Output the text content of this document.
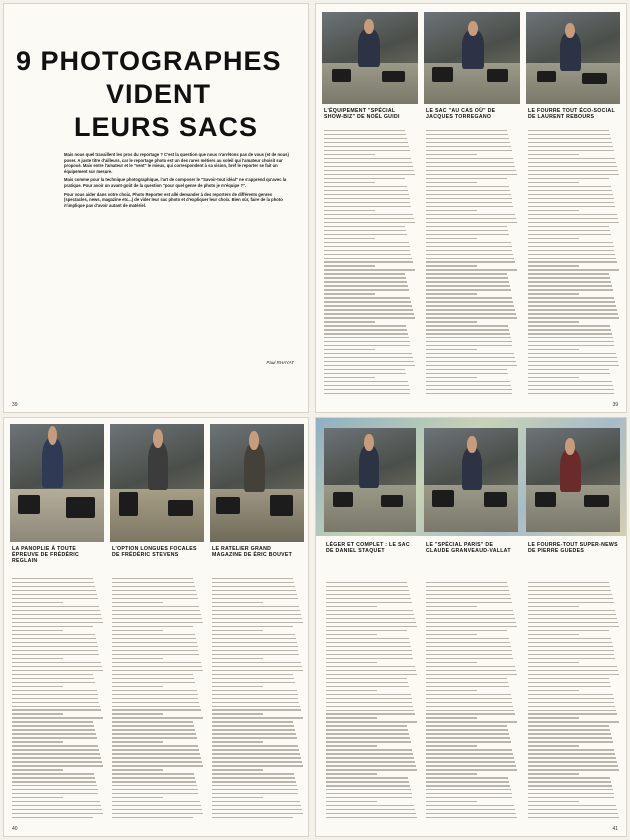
9 PHOTOGRAPHES
VIDENT
LEURS SACS

Mais nous quel travaillent les pros du reportage ? C'est la question que nous n'arrêtons pas de vous (et de nous) poser. A juste titre d'ailleurs, car le reportage photo est un des rares métiers au soleil qui l'amateur choisit sur proposé. Mais entre l'amateur et le "vent" le mieux, qui correspondent à sa vision, bref le reporter se fait un équipement sur mesure.

Mais comme pour la technique photographique, l'art de composer le "Savoir-tout idéal" ne s'apprend qu'avec la pratique. Pour avoir un avant-goût de la question "pour quel genre de photo je m'équipe ?".

Pour vous aider dans votre choix, Photo Reporter est allé demander à des reporters de différents genres (spectacles, news, magazine etc...) de vider leur sac photo et d'expliquer leur choix. Bien sûr, faire de la photo n'implique pas d'avoir autant de matériel.

Paul RHAYAT
39
L'ÉQUIPEMENT "SPÉCIAL SHOW-BIZ" DE NOËL GUIDI
LE SAC "AU CAS OÙ" DE JACQUES TORREGANO
LE FOURRE TOUT ÉCO-SOCIAL DE LAURENT REBOURS
39
LA PANOPLIE À TOUTE ÉPREUVE DE FRÉDÉRIC REGLAIN
L'OPTION LONGUES FOCALES DE FRÉDÉRIC STEVENS
LE RATELIER GRAND MAGAZINE DE ÉRIC BOUVET
40
LÉGER ET COMPLET : LE SAC DE DANIEL STAQUET
LE "SPÉCIAL PARIS" DE CLAUDE GRANVEAUD-VALLAT
LE FOURRE-TOUT SUPER-NEWS DE PIERRE GUEDES
41
